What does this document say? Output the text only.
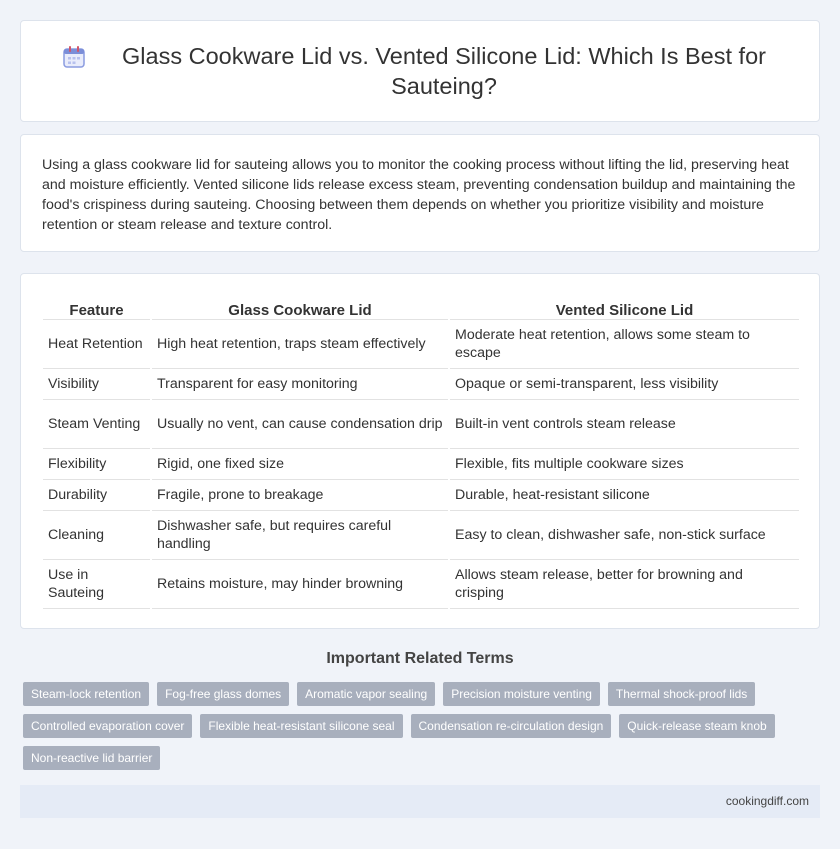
Glass Cookware Lid vs. Vented Silicone Lid: Which Is Best for Sauteing?

Using a glass cookware lid for sauteing allows you to monitor the cooking process without lifting the lid, preserving heat and moisture efficiently. Vented silicone lids release excess steam, preventing condensation buildup and maintaining the food's crispiness during sauteing. Choosing between them depends on whether you prioritize visibility and moisture retention or steam release and texture control.

Feature	Glass Cookware Lid	Vented Silicone Lid
Heat Retention	High heat retention, traps steam effectively	Moderate heat retention, allows some steam to escape
Visibility	Transparent for easy monitoring	Opaque or semi-transparent, less visibility
Steam Venting	Usually no vent, can cause condensation drip	Built-in vent controls steam release
Flexibility	Rigid, one fixed size	Flexible, fits multiple cookware sizes
Durability	Fragile, prone to breakage	Durable, heat-resistant silicone
Cleaning	Dishwasher safe, but requires careful handling	Easy to clean, dishwasher safe, non-stick surface
Use in Sauteing	Retains moisture, may hinder browning	Allows steam release, better for browning and crisping
Important Related Terms
Steam-lock retention	Fog-free glass domes	Aromatic vapor sealing	Precision moisture venting	Thermal shock-proof lids
Controlled evaporation cover	Flexible heat-resistant silicone seal	Condensation re-circulation design	Quick-release steam knob
Non-reactive lid barrier
cookingdiff.com
